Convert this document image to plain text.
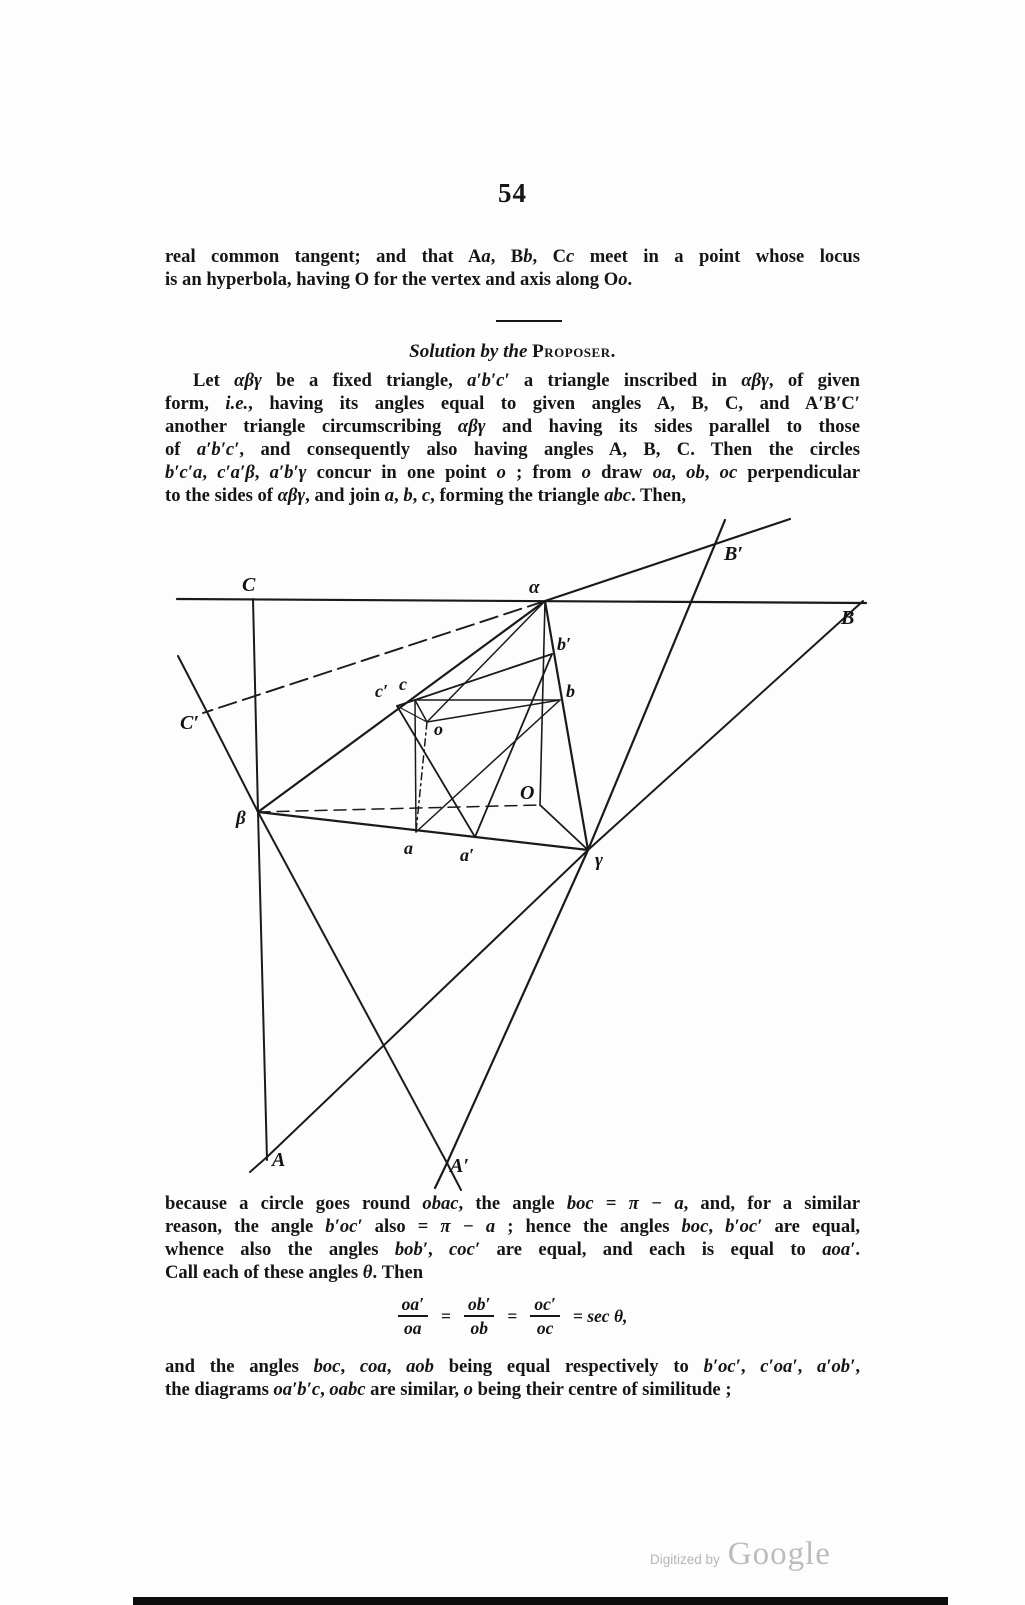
54
real common tangent; and that Aa, Bb, Cc meet in a point whose locus
is an hyperbola, having O for the vertex and axis along Oo.
Solution by the Proposer.
Let αβγ be a fixed triangle, a′b′c′ a triangle inscribed in αβγ, of given
form, i.e., having its angles equal to given angles A, B, C, and A′B′C′
another triangle circumscribing αβγ and having its sides parallel to those
of a′b′c′, and consequently also having angles A, B, C. Then the circles
b′c′a, c′a′β, a′b′γ concur in one point o ; from o draw oa, ob, oc perpendicular
to the sides of αβγ, and join a, b, c, forming the triangle abc. Then,
C	α
B′
B
b′
b
c′ c
C′	o
O
β
a	a′	γ
A	A′
because a circle goes round obac, the angle boc = π − a, and, for a similar
reason, the angle b′oc′ also = π − a ; hence the angles boc, b′oc′ are equal,
whence also the angles bob′, coc′ are equal, and each is equal to aoa′.
Call each of these angles θ. Then
$\frac{oa'}{oa} = \frac{ob'}{ob} = \frac{oc'}{oc} = \sec \theta$,
and the angles boc, coa, aob being equal respectively to b′oc′, c′oa′, a′ob′,
the diagrams oa′b′c, oabc are similar, o being their centre of similitude ;
Digitized by Google
